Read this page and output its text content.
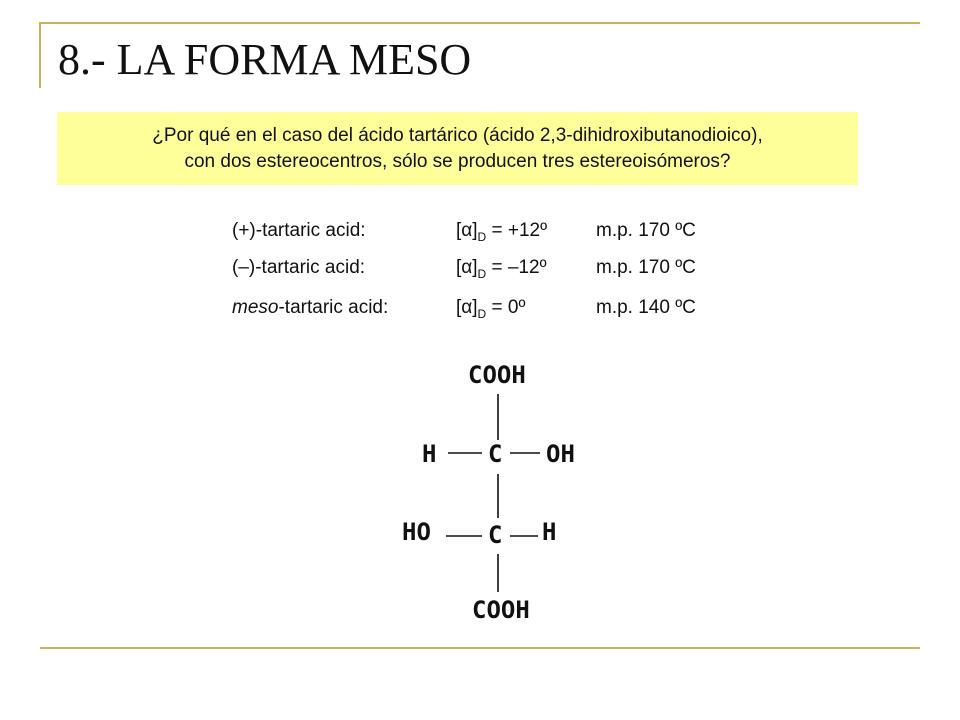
8.- LA FORMA MESO
¿Por qué en el caso del ácido tartárico (ácido 2,3-dihidroxibutanodioico),
con dos estereocentros, sólo se producen tres estereoisómeros?
(+)-tartaric acid:	$[\alpha]_D$ = +12º	m.p. 170 ºC
(–)-tartaric acid:	$[\alpha]_D$ = –12º	m.p. 170 ºC
meso-tartaric acid:	$[\alpha]_D$ = 0º	m.p. 140 ºC
COOH
H C OH
HO C H
COOH
